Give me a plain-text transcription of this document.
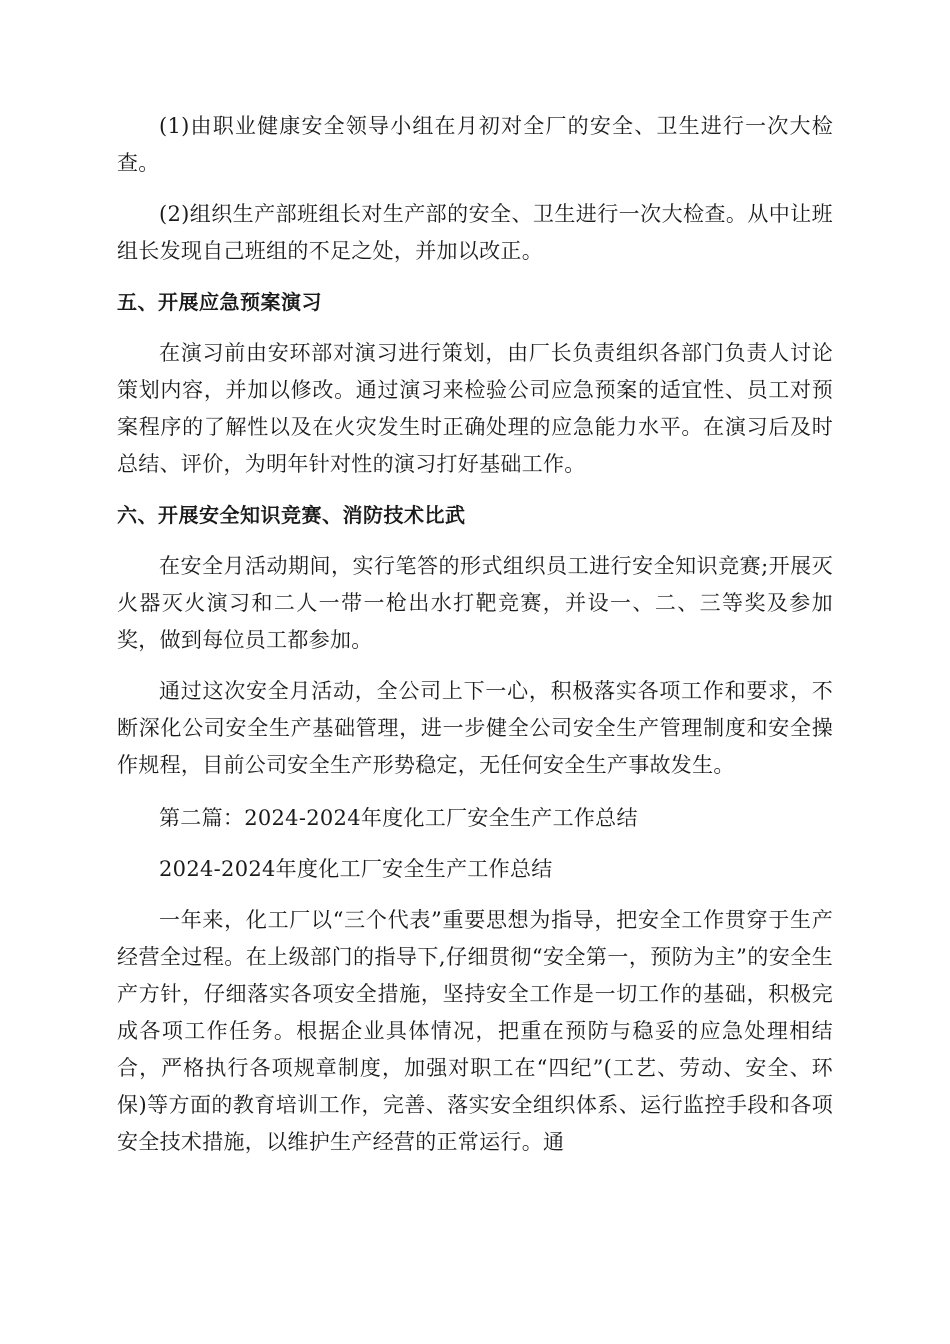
(1)由职业健康安全领导小组在月初对全厂的安全、卫生进行一次大检查。

(2)组织生产部班组长对生产部的安全、卫生进行一次大检查。从中让班组长发现自己班组的不足之处，并加以改正。

五、开展应急预案演习

在演习前由安环部对演习进行策划，由厂长负责组织各部门负责人讨论策划内容，并加以修改。通过演习来检验公司应急预案的适宜性、员工对预案程序的了解性以及在火灾发生时正确处理的应急能力水平。在演习后及时总结、评价，为明年针对性的演习打好基础工作。

六、开展安全知识竞赛、消防技术比武

在安全月活动期间，实行笔答的形式组织员工进行安全知识竞赛;开展灭火器灭火演习和二人一带一枪出水打靶竞赛，并设一、二、三等奖及参加奖，做到每位员工都参加。

通过这次安全月活动，全公司上下一心，积极落实各项工作和要求，不断深化公司安全生产基础管理，进一步健全公司安全生产管理制度和安全操作规程，目前公司安全生产形势稳定，无任何安全生产事故发生。

第二篇：2024-2024年度化工厂安全生产工作总结

2024-2024年度化工厂安全生产工作总结

一年来，化工厂以“三个代表”重要思想为指导，把安全工作贯穿于生产经营全过程。在上级部门的指导下,仔细贯彻“安全第一，预防为主”的安全生产方针，仔细落实各项安全措施，坚持安全工作是一切工作的基础，积极完成各项工作任务。根据企业具体情况，把重在预防与稳妥的应急处理相结合，严格执行各项规章制度，加强对职工在“四纪”(工艺、劳动、安全、环保)等方面的教育培训工作，完善、落实安全组织体系、运行监控手段和各项安全技术措施，以维护生产经营的正常运行。通
